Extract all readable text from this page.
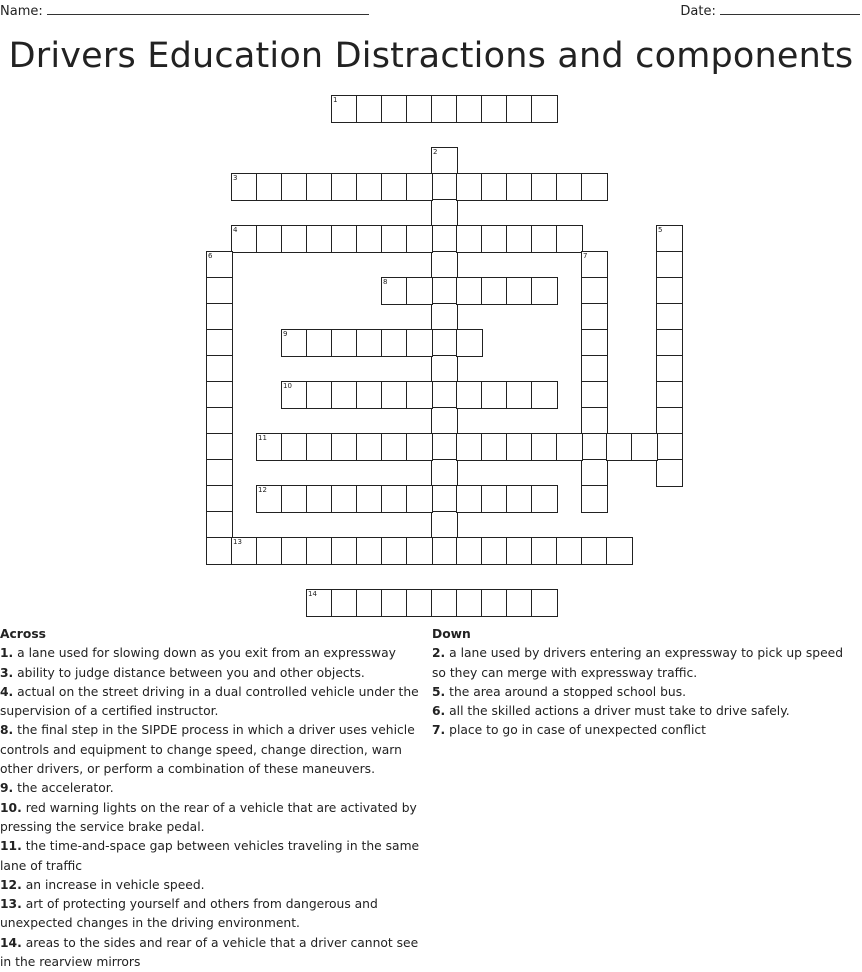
Name:	Date:
Drivers Education Distractions and components
1
2
3
4	5
6	7
8
9
10
11
12
13
14
Across
1. a lane used for slowing down as you exit from an expressway
3. ability to judge distance between you and other objects.
4. actual on the street driving in a dual controlled vehicle under the supervision of a certified instructor.
8. the final step in the SIPDE process in which a driver uses vehicle controls and equipment to change speed, change direction, warn other drivers, or perform a combination of these maneuvers.
9. the accelerator.
10. red warning lights on the rear of a vehicle that are activated by pressing the service brake pedal.
11. the time-and-space gap between vehicles traveling in the same lane of traffic
12. an increase in vehicle speed.
13. art of protecting yourself and others from dangerous and unexpected changes in the driving environment.
14. areas to the sides and rear of a vehicle that a driver cannot see in the rearview mirrors
Down
2. a lane used by drivers entering an expressway to pick up speed so they can merge with expressway traffic.
5. the area around a stopped school bus.
6. all the skilled actions a driver must take to drive safely.
7. place to go in case of unexpected conflict
